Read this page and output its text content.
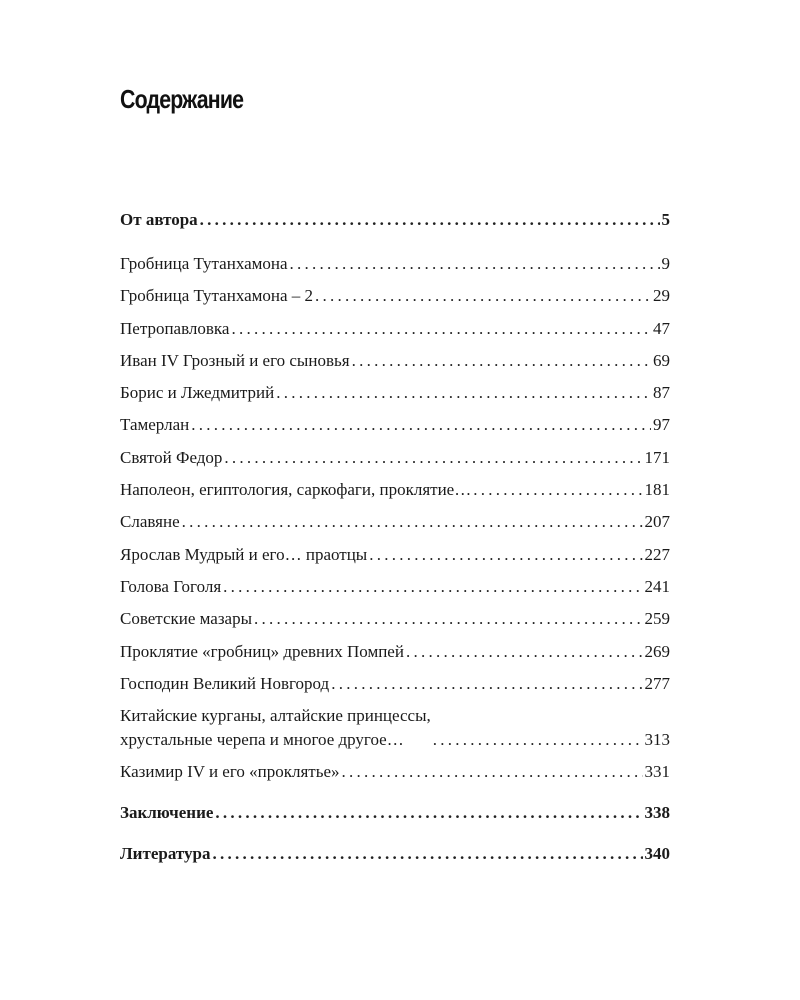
Содержание
От автора . . .	5
Гробница Тутанхамона . . .	9
Гробница Тутанхамона – 2 . . .	29
Петропавловка . . .	47
Иван IV Грозный и его сыновья . . .	69
Борис и Лжедмитрий . . .	87
Тамерлан . . .	97
Святой Федор . . .	171
Наполеон, египтология, саркофаги, проклятие… . . .	181
Славяне . . .	207
Ярослав Мудрый и его… праотцы . . .	227
Голова Гоголя . . .	241
Советские мазары . . .	259
Проклятие «гробниц» древних Помпей . . .	269
Господин Великий Новгород . . .	277
Китайские курганы, алтайские принцессы,
хрустальные черепа и многое другое… . . .	313
Казимир IV и его «проклятье» . . .	331
Заключение . . .	338
Литература . . .	340
